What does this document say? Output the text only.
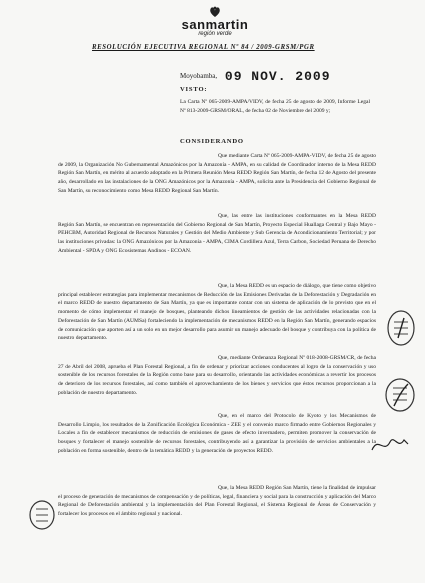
sanmartin
región verde
RESOLUCIÓN EJECUTIVA REGIONAL Nº 84 / 2009-GRSM/PGR
Moyobamba, 09 NOV. 2009
VISTO:
La Carta Nº 065-2009-AMPA/VIDV, de fecha 25 de agosto de 2009, Informe Legal Nº 813-2009-GRSM/ORAL, de fecha 02 de Noviembre del 2009 y;
CONSIDERANDO
Que mediante Carta Nº 065-2009-AMPA-VIDV, de fecha 25 de agosto de 2009, la Organización No Gubernamental Amazónicos por la Amazonía - AMPA, en su calidad de Coordinador interno de la Mesa REDD Región San Martín, en mérito al acuerdo adoptado en la Primera Reunión Mesa REDD Región San Martín, de fecha 12 de Agosto del presente año, desarrollado en las instalaciones de la ONG Amazónicos por la Amazonía - AMPA, solicita ante la Presidencia del Gobierno Regional de San Martín, su reconocimiento como Mesa REDD Regional San Martín.
Que, las entre las instituciones conformantes en la Mesa REDD Región San Martín, se encuentran en representación del Gobierno Regional de San Martín, Proyecto Especial Huallaga Central y Bajo Mayo - PEHCBM, Autoridad Regional de Recursos Naturales y Gestión del Medio Ambiente y Sub Gerencia de Acondicionamiento Territorial; y por las instituciones privadas: la ONG Amazónicos por la Amazonía - AMPA, CIMA Cordillera Azul, Terra Carbon, Sociedad Peruana de Derecho Ambiental - SPDA y ONG Ecosistemas Andinos - ECOAN.
Que, la Mesa REDD es un espacio de diálogo, que tiene como objetivo principal establecer estrategias para implementar mecanismos de Reducción de las Emisiones Derivadas de la Deforestación y Degradación en el marco REDD de nuestro departamento de San Martín, ya que es importante contar con un sistema de aplicación de lo previsto que en el momento de cómo implementar el manejo de bosques, planteando dichos lineamientos de gestión de las actividades relacionadas con la Deforestación de San Martín (AUMSa) fortaleciendo la implementación de mecanismos REDD en la Región San Martín, generando espacios de comunicación que aporten así a un solo en un mejor desarrollo para asumir un manejo adecuado del bosque y contribuya con la política de nuestro departamento.
Que, mediante Ordenanza Regional Nº 018-2008-GRSM/CR, de fecha 27 de Abril del 2008, aprueba el Plan Forestal Regional, a fin de ordenar y priorizar acciones conducentes al logro de la conservación y uso sostenible de los recursos forestales de la Región como base para su desarrollo, orientando las actividades económicas a revertir los procesos de deterioro de los recursos forestales, así como también el aprovechamiento de los bienes y servicios que éstos recursos proporcionan a la población de nuestro departamento.
Que, en el marco del Protocolo de Kyoto y los Mecanismos de Desarrollo Limpio, los resultados de la Zonificación Ecológica Económica - ZEE y el convenio marco firmado entre Gobiernos Regionales y Locales a fin de establecer mecanismos de reducción de emisiones de gases de efecto invernadero, permiten promover la conservación de bosques y fortalecer el manejo sostenible de recursos forestales, contribuyendo así a garantizar la provisión de servicios ambientales a la población en forma sostenible, dentro de la temática REDD y la generación de proyectos REDD.
Que, la Mesa REDD Región San Martín, tiene la finalidad de impulsar el proceso de generación de mecanismos de compensación y de políticas, legal, financiera y social para la construcción y aplicación del Marco Regional de Deforestación ambiental y la implementación del Plan Forestal Regional, el Sistema Regional de Áreas de Conservación y fortalecer los procesos en el ámbito regional y nacional.
